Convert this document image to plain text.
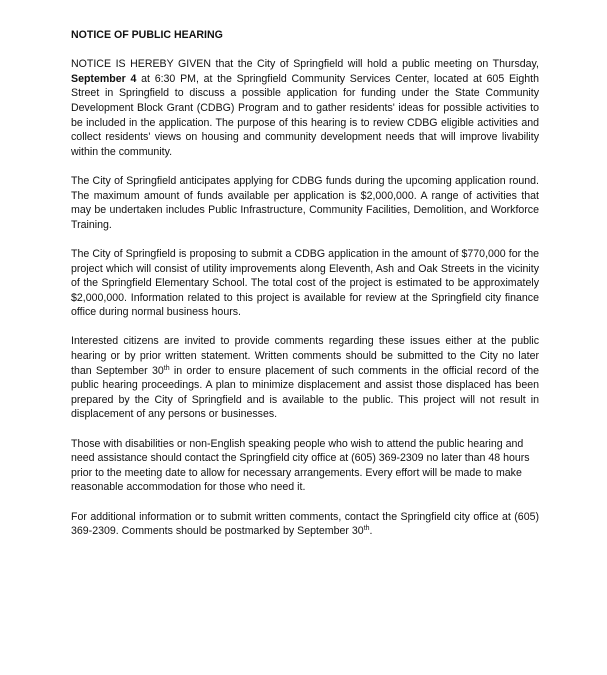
NOTICE OF PUBLIC HEARING

NOTICE IS HEREBY GIVEN that the City of Springfield will hold a public meeting on Thursday, September 4 at 6:30 PM, at the Springfield Community Services Center, located at 605 Eighth Street in Springfield to discuss a possible application for funding under the State Community Development Block Grant (CDBG) Program and to gather residents' ideas for possible activities to be included in the application. The purpose of this hearing is to review CDBG eligible activities and collect residents' views on housing and community development needs that will improve livability within the community.

The City of Springfield anticipates applying for CDBG funds during the upcoming application round. The maximum amount of funds available per application is $2,000,000. A range of activities that may be undertaken includes Public Infrastructure, Community Facilities, Demolition, and Workforce Training.

The City of Springfield is proposing to submit a CDBG application in the amount of $770,000 for the project which will consist of utility improvements along Eleventh, Ash and Oak Streets in the vicinity of the Springfield Elementary School. The total cost of the project is estimated to be approximately $2,000,000. Information related to this project is available for review at the Springfield city finance office during normal business hours.

Interested citizens are invited to provide comments regarding these issues either at the public hearing or by prior written statement. Written comments should be submitted to the City no later than September 30th in order to ensure placement of such comments in the official record of the public hearing proceedings. A plan to minimize displacement and assist those displaced has been prepared by the City of Springfield and is available to the public. This project will not result in displacement of any persons or businesses.

Those with disabilities or non-English speaking people who wish to attend the public hearing and need assistance should contact the Springfield city office at (605) 369-2309 no later than 48 hours prior to the meeting date to allow for necessary arrangements. Every effort will be made to make reasonable accommodation for those who need it.

For additional information or to submit written comments, contact the Springfield city office at (605) 369-2309. Comments should be postmarked by September 30th.
